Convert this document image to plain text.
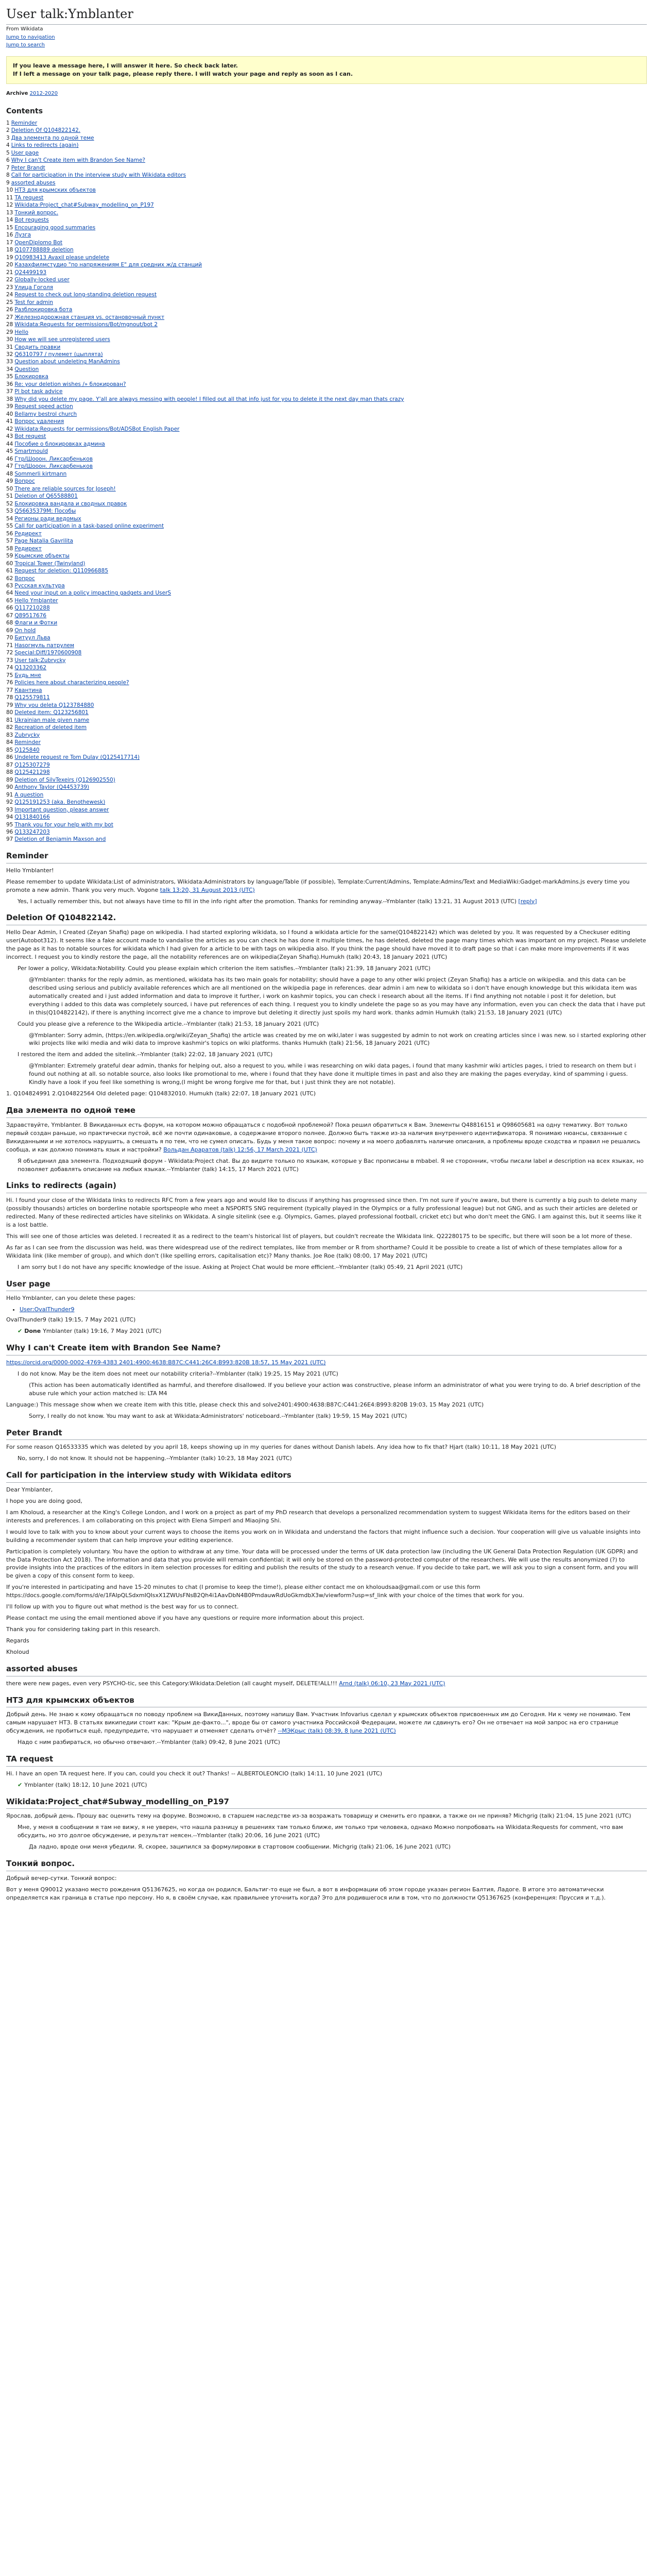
User talk:Ymblanter
From Wikidata
Jump to navigation
Jump to search
If you leave a message here, I will answer it here. So check back later.
If I left a message on your talk page, please reply there. I will watch your page and reply as soon as I can.
Archive 2012-2020
Contents
1 Reminder
2 Deletion Of Q104822142.
3 Два элемента по одной теме
4 Links to redirects (again)
5 User page
6 Why I can't Create item with Brandon See Name?
7 Peter Brandt
8 Call for participation in the interview study with Wikidata editors
9 assorted abuses
10 НТЗ для крымских объектов
11 TA request
12 Wikidata:Project_chat#Subway_modelling_on_P197
13 Тонкий вопрос.
14 Bot requests
15 Encouraging good summaries
16 Лузга
17 OpenDiplomo Bot
18 Q107788889 deletion
19 Q10983413 Avaxil please undelete
20 Казахфилмстудио "по напряжениям Е" для средних ж/д станций
21 Q24499193
22 Globally-locked user
23 Улица Гоголя
24 Request to check out long-standing deletion request
25 Test for admin
26 Разблокировка бота
27 Железнодорожная станция vs. остановочный пункт
28 Wikidata:Requests for permissions/Bot/mgnout/bot 2
29 Hello
30 How we will see unregistered users
31 Сводить правки
32 Q6310797 / пулемет (цыплята)
33 Question about undeleting ManAdmins
34 Question
35 Блокировка
36 Re: your deletion wishes /» блокирован?
37 Pl bot task advice
38 Why did you delete my page. Y'all are always messing with people! I filled out all that info just for you to delete it the next day man thats crazy
39 Request speed action
40 Bellamy bestrol church
41 Вопрос удаления
42 Wikidata:Requests for permissions/Bot/ADSBot English Paper
43 Bot request
44 Пособие о блокировках админа
45 Smartmould
46 Гтр/Шооон. Ликсарбеньков
47 Гтр/Шооон. Ликсарбеньков
48 Sommerli kirtmann
49 Вопрос
50 There are reliable sources for Joseph!
51 Deletion of Q65588801
52 Блокировка вандала и сводных правок
53 Q56635379M: Пособы
54 Регионы ради ведомых
55 Call for participation in a task-based online experiment
56 Редирект
57 Page Natalia Gavrilita
58 Редирект
59 Крымские объекты
60 Tropical Tower (Twinyland)
61 Request for deletion: Q110966885
62 Вопрос
63 Русская культура
64 Need your input on a policy impacting gadgets and UserS
65 Hello Ymblanter
66 Q117210288
67 Q89517676
68 Флаги и Фотки
69 On hold
70 Битуул Льва
71 Hasoгмуль патрулем
72 Special:Diff/1970600908
73 User talk:Zubrycky
74 Q13203362
75 Будь мне
76 Policies here about characterizing people?
77 Квантина
78 Q125579811
79 Why you deleta Q123784880
80 Deleted item: Q123256801
81 Ukrainian male given name
82 Recreation of deleted item
83 Zubrycky
84 Reminder
85 Q125840
86 Undelete request re Tom Dulay (Q125417714)
87 Q125307279
88 Q125421298
89 Deletion of SilvTexeirs (Q126902550)
90 Anthony Taylor (Q4453739)
91 A question
92 Q125191253 (aka. Benothewesk)
93 Important question, please answer
94 Q131840166
95 Thank you for your help with my bot
96 Q133247203
97 Deletion of Benjamin Maxson and
Reminder

Hello Ymblanter!

Please remember to update Wikidata:List of administrators, Wikidata:Administrators by language/Table (if possible), Template:Current/Admins, Template:Admins/Text and MediaWiki:Gadget-markAdmins.js every time you promote a new admin. Thank you very much. Vogone talk 13:20, 31 August 2013 (UTC)

Yes, I actually remember this, but not always have time to fill in the info right after the promotion. Thanks for reminding anyway.--Ymblanter (talk) 13:21, 31 August 2013 (UTC) [reply]

Deletion Of Q104822142.

Hello Dear Admin, I Created (Zeyan Shafiq) page on wikipedia. I had started exploring wikidata, so I found a wikidata article for the same(Q104822142) which was deleted by you. It was requested by a Checkuser editing user(Autobot312). It seems like a fake account made to vandalise the articles as you can check he has done it multiple times, he has deleted, deleted the page many times which was important on my project. Please undelete the page as it has to notable sources for wikidata which I had given for a article to be with tags on wikipedia also. If you think the page should have moved it to draft page so that i can make more improvements if it was incorrect. I request you to kindly restore the page, all the notability references are on wikipedia(Zeyan Shafiq).Humukh (talk) 20:43, 18 January 2021 (UTC)

Per lower a policy, Wikidata:Notability. Could you please explain which criterion the item satisfies.--Ymblanter (talk) 21:39, 18 January 2021 (UTC)

@Ymblanter: thanks for the reply admin, as mentioned, wikidata has its two main goals for notability; should have a page to any other wiki project (Zeyan Shafiq) has a article on wikipedia. and this data can be described using serious and publicly available references which are all mentioned on the wikipedia page in references. dear admin i am new to wikidata so i don't have enough knowledge but this wikidata item was automatically created and i just added information and data to improve it further, i work on kashmir topics, you can check i research about all the items. If i find anything not notable i post it for deletion, but everything i added to this data was completely sourced, i have put references of each thing. I request you to kindly undelete the page so as you may have any information, even you can check the data that i have put in this(Q104822142), if there is anything incorrect give me a chance to improve but deleting it directly just spoils my hard work. thanks admin Humukh (talk) 21:53, 18 January 2021 (UTC)

Could you please give a reference to the Wikipedia article.--Ymblanter (talk) 21:53, 18 January 2021 (UTC)

@Ymblanter: Sorry admin, (https://en.wikipedia.org/wiki/Zeyan_Shafiq) the article was created by me on wiki,later i was suggested by admin to not work on creating articles since i was new. so i started exploring other wiki projects like wiki media and wiki data to improve kashmir's topics on wiki platforms. thanks Humukh (talk) 21:56, 18 January 2021 (UTC)

I restored the item and added the sitelink.--Ymblanter (talk) 22:02, 18 January 2021 (UTC)

@Ymblanter: Extremely grateful dear admin, thanks for helping out, also a request to you, while i was researching on wiki data pages, i found that many kashmir wiki articles pages, i tried to research on them but i found out nothing at all. so notable source, also looks like promotional to me, where i found that they have done it multiple times in past and also they are making the pages everyday, kind of spamming i guess. Kindly have a look if you feel like something is wrong,(I might be wrong forgive me for that, but i just think they are not notable).

1. Q104824991 2.Q104822564 Old deleted page: Q104832010. Humukh (talk) 22:07, 18 January 2021 (UTC)

Два элемента по одной теме

Здравствуйте, Ymblanter. В Викиданных есть форум, на котором можно обращаться с подобной проблемой? Пока решил обратиться к Вам. Элементы Q48816151 и Q98605681 на одну тематику. Вот только первый создан раньше, но практически пустой, всё же почти одинаковые, а содержание второго полнее. Должно быть также из-за наличия внутреннего идентификатора. Я понимаю нюансы, связанные с Викиданными и не хотелось нарушить, а смешать я по тем, что не сумел описать. Будь у меня такое вопрос: почему и на моего добавлять наличие описания, а проблемы вроде сходства и правил не решались сообща, и как должно понимать язык и настройки? Вольдан Араратов (talk) 12:56, 17 March 2021 (UTC)

Я объединил два элемента. Подходящий форум - Wikidata:Project chat. Вы до видите только по языкам, которые у Вас прописаны в mbabel. Я не сторонник, чтобы писали label и description на всех языках, но позволяет добавлять описание на любых языках.--Ymblanter (talk) 14:15, 17 March 2021 (UTC)

Links to redirects (again)

Hi. I found your close of the Wikidata links to redirects RFC from a few years ago and would like to discuss if anything has progressed since then. I'm not sure if you're aware, but there is currently a big push to delete many (possibly thousands) articles on borderline notable sportspeople who meet a NSPORTS SNG requirement (typically played in the Olympics or a fully professional league) but not GNG, and as such their articles are deleted or redirected. Many of these redirected articles have sitelinks on Wikidata. A single sitelink (see e.g. Olympics, Games, played professional football, cricket etc) but who don't meet the GNG. I am against this, but it seems like it is a lost battle.

This will see one of those articles was deleted. I recreated it as a redirect to the team's historical list of players, but couldn't recreate the Wikidata link. Q22280175 to be specific, but there will soon be a lot more of these.

As far as I can see from the discussion was held, was there widespread use of the redirect templates, like from member or R from shorthame? Could it be possible to create a list of which of these templates allow for a Wikidata link (like member of group), and which don't (like spelling errors, capitalisation etc)? Many thanks. Joe Roe (talk) 08:00, 17 May 2021 (UTC)

I am sorry but I do not have any specific knowledge of the issue. Asking at Project Chat would be more efficient.--Ymblanter (talk) 05:49, 21 April 2021 (UTC)

User page

Hello Ymblanter, can you delete these pages:

• User:OvalThunder9

OvalThunder9 (talk) 19:15, 7 May 2021 (UTC)

✔ Done Ymblanter (talk) 19:16, 7 May 2021 (UTC)

Why I can't Create item with Brandon See Name?

https://orcid.org/0000-0002-4769-4383 2401:4900:4638:B87C:C441:26C4:B993:820B 18:57, 15 May 2021 (UTC)

I do not know. May be the item does not meet our notability criteria?--Ymblanter (talk) 19:25, 15 May 2021 (UTC)

(This action has been automatically identified as harmful, and therefore disallowed. If you believe your action was constructive, please inform an administrator of what you were trying to do. A brief description of the abuse rule which your action matched is: LTA M4

Language:) This message show when we create item with this title, please check this and solve2401:4900:4638:B87C:C441:26E4:B993:820B 19:03, 15 May 2021 (UTC)

Sorry, I really do not know. You may want to ask at Wikidata:Administrators' noticeboard.--Ymblanter (talk) 19:59, 15 May 2021 (UTC)

Peter Brandt

For some reason Q16533335 which was deleted by you april 18, keeps showing up in my queries for danes without Danish labels. Any idea how to fix that? Hjart (talk) 10:11, 18 May 2021 (UTC)

No, sorry, I do not know. It should not be happening.--Ymblanter (talk) 10:23, 18 May 2021 (UTC)

Call for participation in the interview study with Wikidata editors

Dear Ymblanter,

I hope you are doing good,

I am Kholoud, a researcher at the King's College London, and I work on a project as part of my PhD research that develops a personalized recommendation system to suggest Wikidata items for the editors based on their interests and preferences. I am collaborating on this project with Elena Simperl and Miaojing Shi.

I would love to talk with you to know about your current ways to choose the items you work on in Wikidata and understand the factors that might influence such a decision. Your cooperation will give us valuable insights into building a recommender system that can help improve your editing experience.

Participation is completely voluntary. You have the option to withdraw at any time. Your data will be processed under the terms of UK data protection law (including the UK General Data Protection Regulation (UK GDPR) and the Data Protection Act 2018). The information and data that you provide will remain confidential; it will only be stored on the password-protected computer of the researchers. We will use the results anonymized (?) to provide insights into the practices of the editors in item selection processes for editing and publish the results of the study to a research venue. If you decide to take part, we will ask you to sign a consent form, and you will be given a copy of this consent form to keep.

If you're interested in participating and have 15-20 minutes to chat (I promise to keep the time!), please either contact me on kholoudsaa@gmail.com or use this form https://docs.google.com/forms/d/e/1FAIpQLSdxmIQIsxX1ZWUsFNsB2Qh4i1AavDbN4B0PmdauwRdUoGkmdbX3w/viewform?usp=sf_link with your choice of the times that work for you.

I'll follow up with you to figure out what method is the best way for us to connect.

Please contact me using the email mentioned above if you have any questions or require more information about this project.

Thank you for considering taking part in this research.

Regards

Kholoud

assorted abuses

there were new pages, even very PSYCHO-tic, see this Category:Wikidata:Deletion (all caught myself, DELETE!ALL!!! Arnd (talk) 06:10, 23 May 2021 (UTC)

НТЗ для крымских объектов

Добрый день. Не знаю к кому обращаться по поводу проблем на ВикиДанных, поэтому напишу Вам. Участник Infovarius сделал у крымских объектов присвоенных им до Сегодня. Ни к чему не понимаю. Тем самым нарушает НТЗ. В статьях википедии стоит как: "Крым де-факто...", вроде бы от самого участника Российской Федерации, можете ли сдвинуть его? Он не отвечает на мой запрос на его странице обсуждения, не пробиться ещё, предупредите, что нарушает и отменяет сделать отчёт? --МЭКрыс (talk) 08:39, 8 June 2021 (UTC)

Надо с ним разбираться, но обычно отвечают.--Ymblanter (talk) 09:42, 8 June 2021 (UTC)

TA request

Hi. I have an open TA request here. If you can, could you check it out? Thanks! -- ALBERTOLEONCIO (talk) 14:11, 10 June 2021 (UTC)

✔ Ymblanter (talk) 18:12, 10 June 2021 (UTC)

Wikidata:Project_chat#Subway_modelling_on_P197

Ярослав, добрый день. Прошу вас оценить тему на форуме. Возможно, в старшем наследстве из-за возражать товарищу и сменить его правки, а также он не приняв? Michgrig (talk) 21:04, 15 June 2021 (UTC)

Мне, у меня в сообщении я там не вижу, я не уверен, что нашла разницу в решениях там только ближе, им только три человека, однако Можно попробовать на Wikidata:Requests for comment, что вам обсудить, но это долгое обсуждение, и результат неясен.--Ymblanter (talk) 20:06, 16 June 2021 (UTC)

Да ладно, вроде они меня убедили. Я, скорее, заципился за формулировки в стартовом сообщении. Michgrig (talk) 21:06, 16 June 2021 (UTC)

Тонкий вопрос.

Добрый вечер-сутки. Тонкий вопрос:

Вот у меня Q90012 указано место рождения Q51367625, но когда он родился, Бальтиг-то еще не был, а вот в информации об этом городе указан регион Балтия, Ладоге. В итоге это автоматически определяется как граница в статье про персону. Но я, в своём случае, как правильнее уточнить когда? Это для родившегося или в том, что по должности Q51367625 (конференция: Пруссия и т.д.).
